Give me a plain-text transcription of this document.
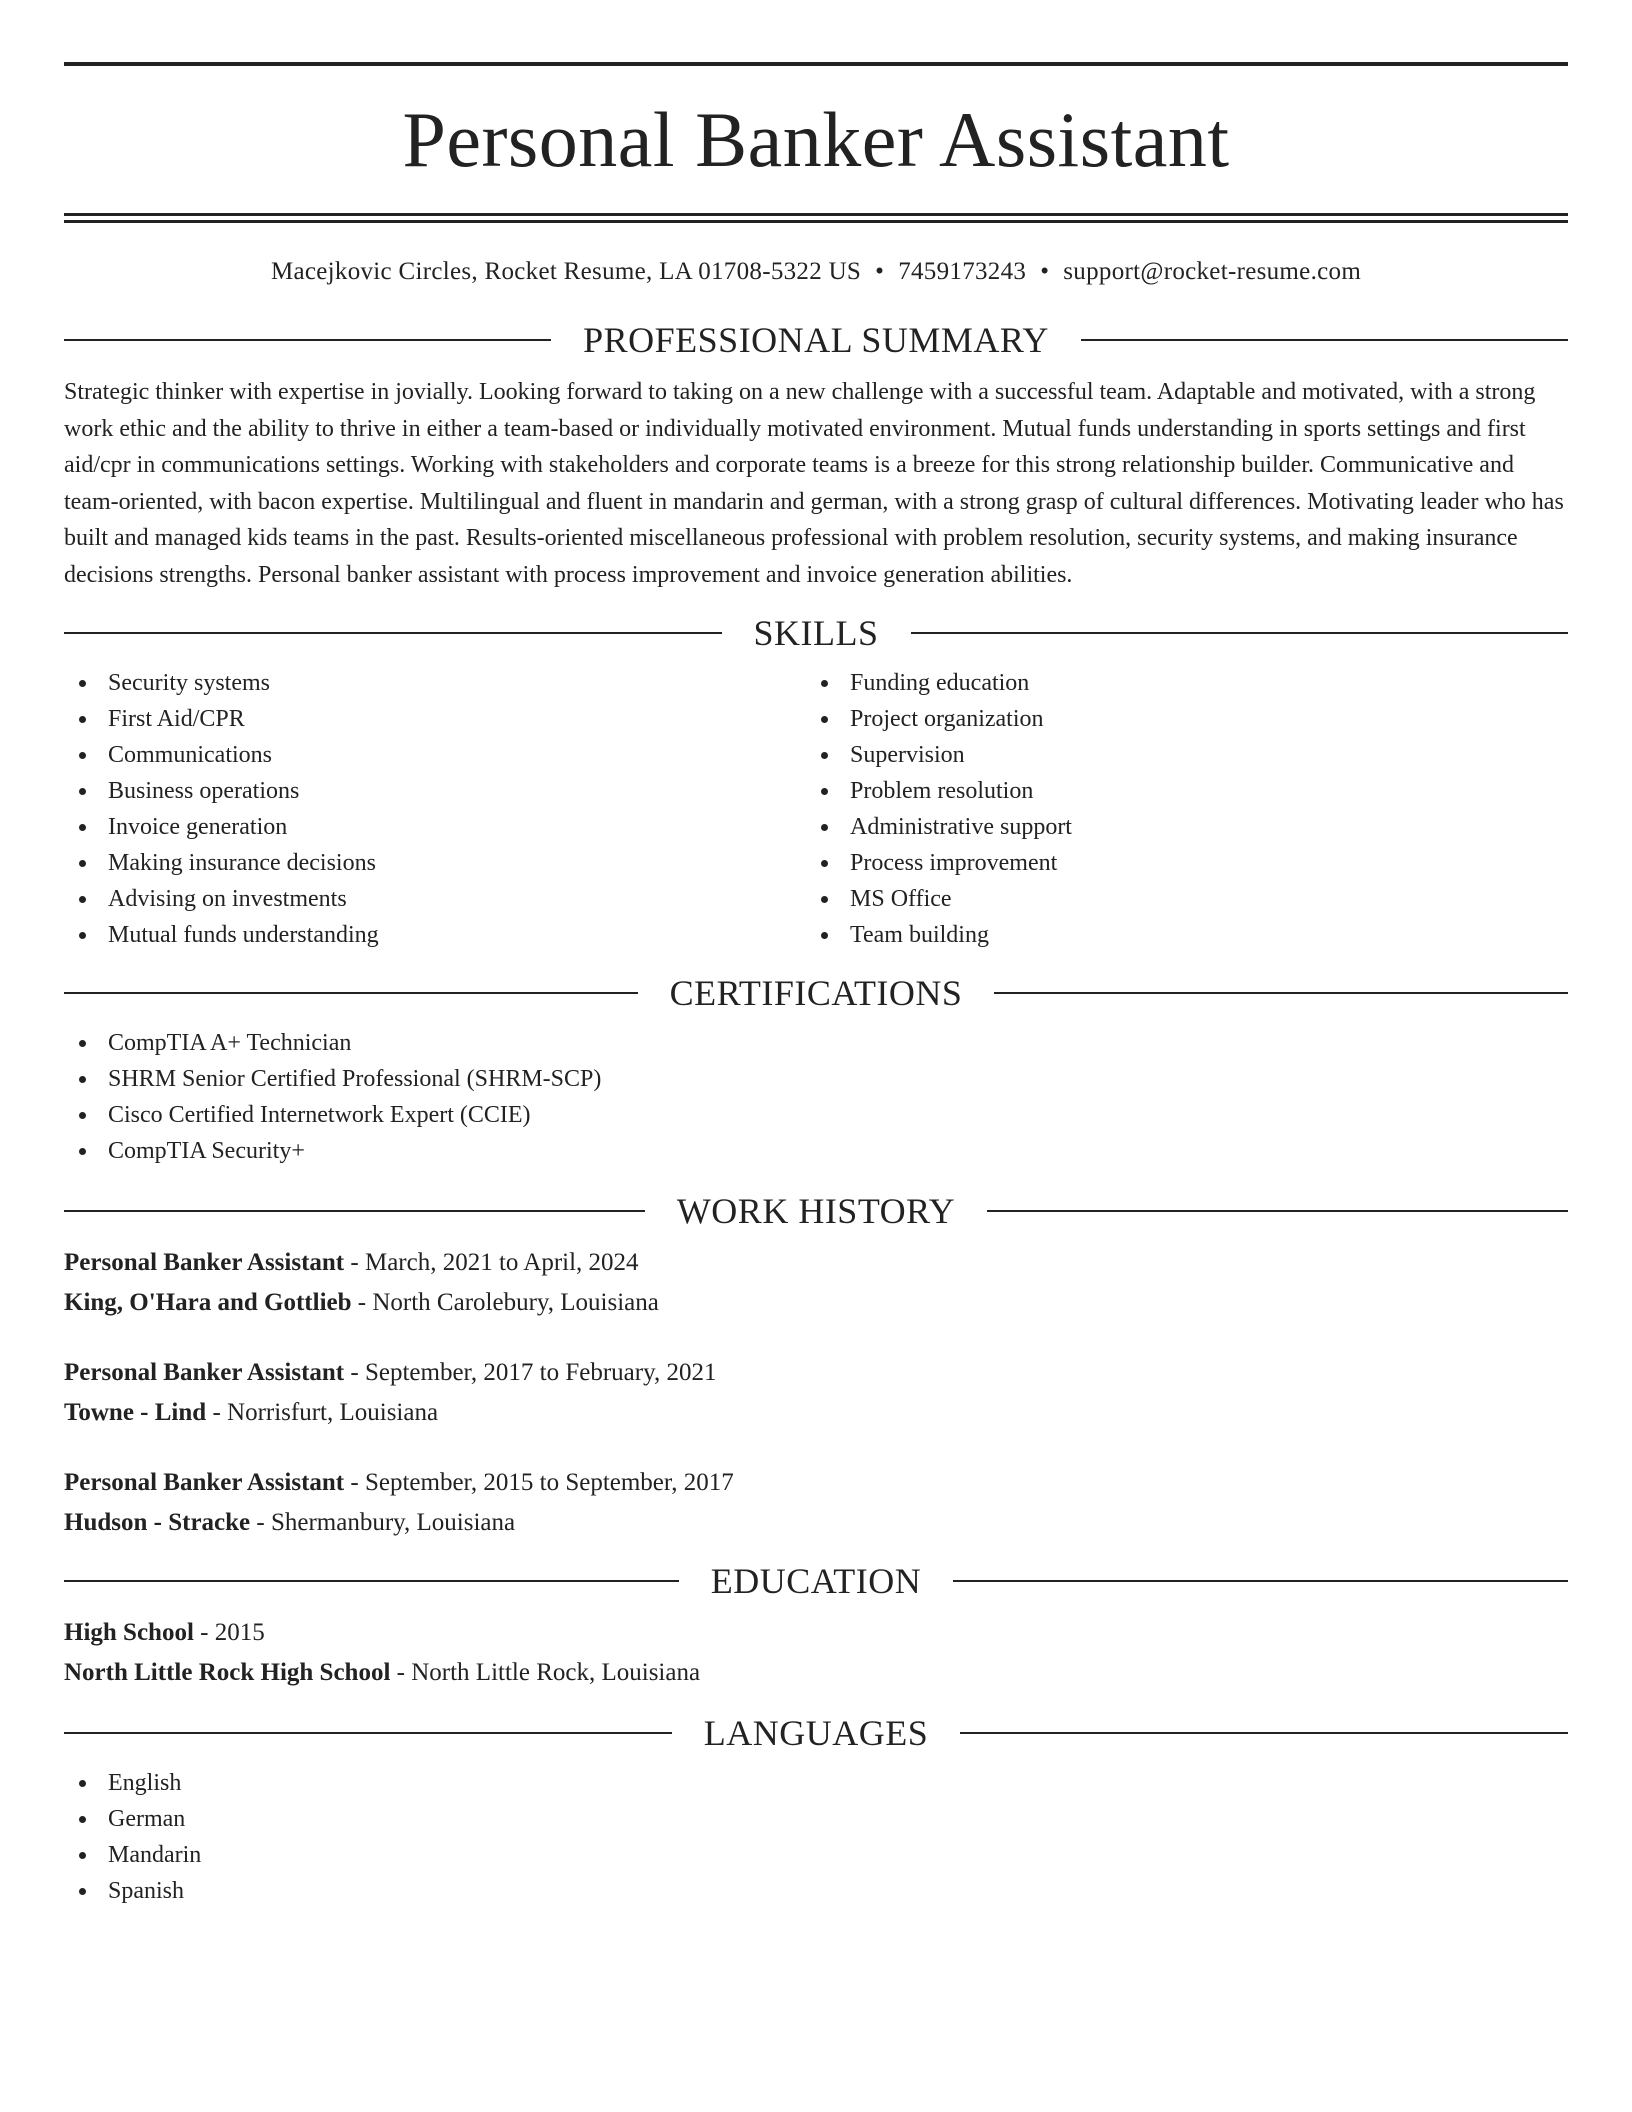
Personal Banker Assistant
Macejkovic Circles, Rocket Resume, LA 01708-5322 US • 7459173243 • support@rocket-resume.com
PROFESSIONAL SUMMARY
Strategic thinker with expertise in jovially. Looking forward to taking on a new challenge with a successful team. Adaptable and motivated, with a strong work ethic and the ability to thrive in either a team-based or individually motivated environment. Mutual funds understanding in sports settings and first aid/cpr in communications settings. Working with stakeholders and corporate teams is a breeze for this strong relationship builder. Communicative and team-oriented, with bacon expertise. Multilingual and fluent in mandarin and german, with a strong grasp of cultural differences. Motivating leader who has built and managed kids teams in the past. Results-oriented miscellaneous professional with problem resolution, security systems, and making insurance decisions strengths. Personal banker assistant with process improvement and invoice generation abilities.
SKILLS
Security systems
First Aid/CPR
Communications
Business operations
Invoice generation
Making insurance decisions
Advising on investments
Mutual funds understanding
Funding education
Project organization
Supervision
Problem resolution
Administrative support
Process improvement
MS Office
Team building
CERTIFICATIONS
CompTIA A+ Technician
SHRM Senior Certified Professional (SHRM-SCP)
Cisco Certified Internetwork Expert (CCIE)
CompTIA Security+
WORK HISTORY
Personal Banker Assistant - March, 2021 to April, 2024
King, O'Hara and Gottlieb - North Carolebury, Louisiana
Personal Banker Assistant - September, 2017 to February, 2021
Towne - Lind - Norrisfurt, Louisiana
Personal Banker Assistant - September, 2015 to September, 2017
Hudson - Stracke - Shermanbury, Louisiana
EDUCATION
High School - 2015
North Little Rock High School - North Little Rock, Louisiana
LANGUAGES
English
German
Mandarin
Spanish
